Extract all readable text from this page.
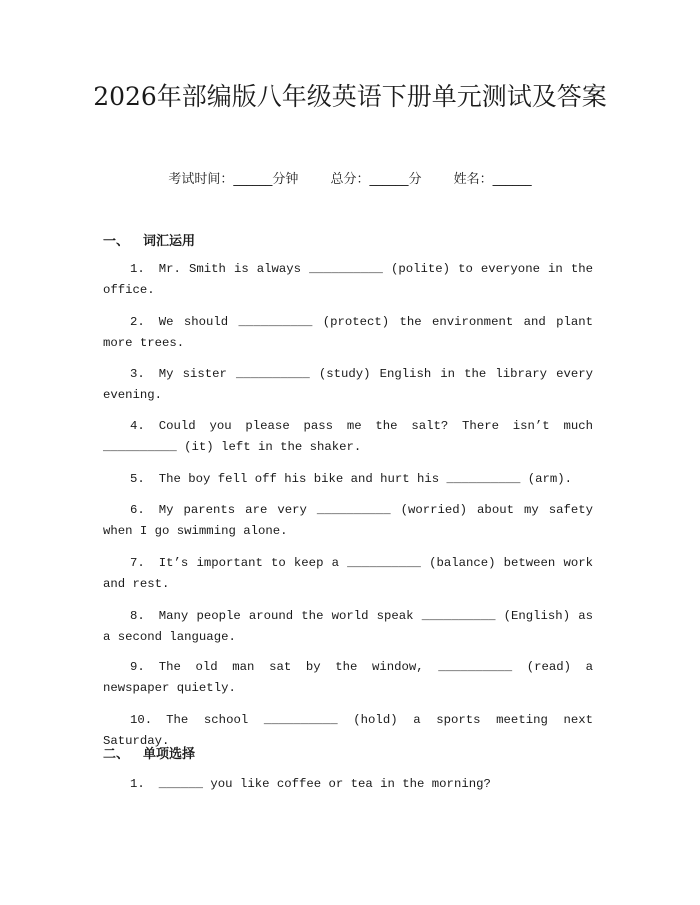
2026年部编版八年级英语下册单元测试及答案
考试时间：______分钟 总分：______分 姓名：______
一、 词汇运用
1. Mr. Smith is always __________ (polite) to everyone in the office.
2. We should __________ (protect) the environment and plant more trees.
3. My sister __________ (study) English in the library every evening.
4. Could you please pass me the salt? There isn’t much __________ (it) left in the shaker.
5. The boy fell off his bike and hurt his __________ (arm).
6. My parents are very __________ (worried) about my safety when I go swimming alone.
7. It’s important to keep a __________ (balance) between work and rest.
8. Many people around the world speak __________ (English) as a second language.
9. The old man sat by the window, __________ (read) a newspaper quietly.
10. The school __________ (hold) a sports meeting next Saturday.
二、 单项选择
1. ______ you like coffee or tea in the morning?
